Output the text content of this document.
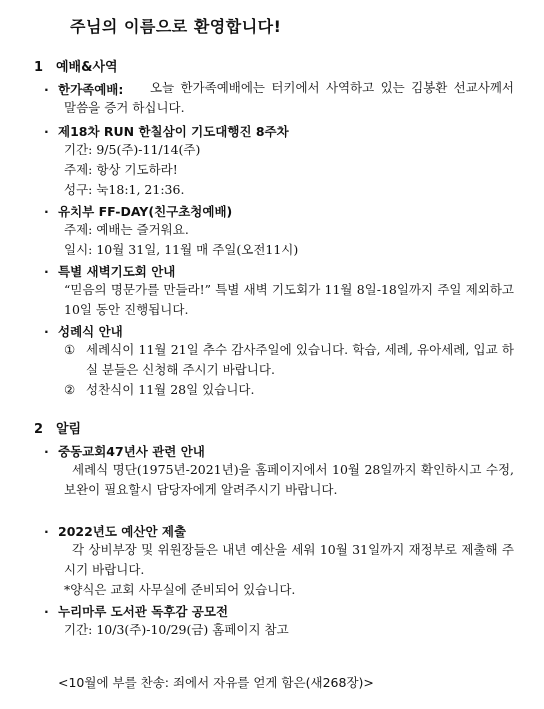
주님의 이름으로 환영합니다!
1 예배&사역
· 한가족예배:	오늘 한가족예배에는 터키에서 사역하고 있는 김봉환 선교사께서 말씀을 증거 하십니다.
· 제18차 RUN 한칠삼이 기도대행진 8주차
기간: 9/5(주)-11/14(주)
주제: 항상 기도하라!
성구: 눅18:1, 21:36.
· 유치부 FF-DAY(친구초청예배)
주제: 예배는 즐거워요.
일시: 10월 31일, 11월 매 주일(오전11시)
· 특별 새벽기도회 안내
“믿음의 명문가를 만들라!” 특별 새벽 기도회가 11월 8일-18일까지 주일 제외하고 10일 동안 진행됩니다.
· 성례식 안내
① 세례식이 11월 21일 추수 감사주일에 있습니다. 학습, 세례, 유아세례, 입교 하실 분들은 신청해 주시기 바랍니다.
② 성찬식이 11월 28일 있습니다.
2 알림
· 중동교회47년사 관련 안내
세례식 명단(1975년-2021년)을 홈페이지에서 10월 28일까지 확인하시고 수정, 보완이 필요할시 담당자에게 알려주시기 바랍니다.
· 2022년도 예산안 제출
각 상비부장 및 위원장들은 내년 예산을 세워 10월 31일까지 재정부로 제출해 주시기 바랍니다.
*양식은 교회 사무실에 준비되어 있습니다.
· 누리마루 도서관 독후감 공모전
기간: 10/3(주)-10/29(금) 홈페이지 참고
<10월에 부를 찬송: 죄에서 자유를 얻게 함은(새268장)>
